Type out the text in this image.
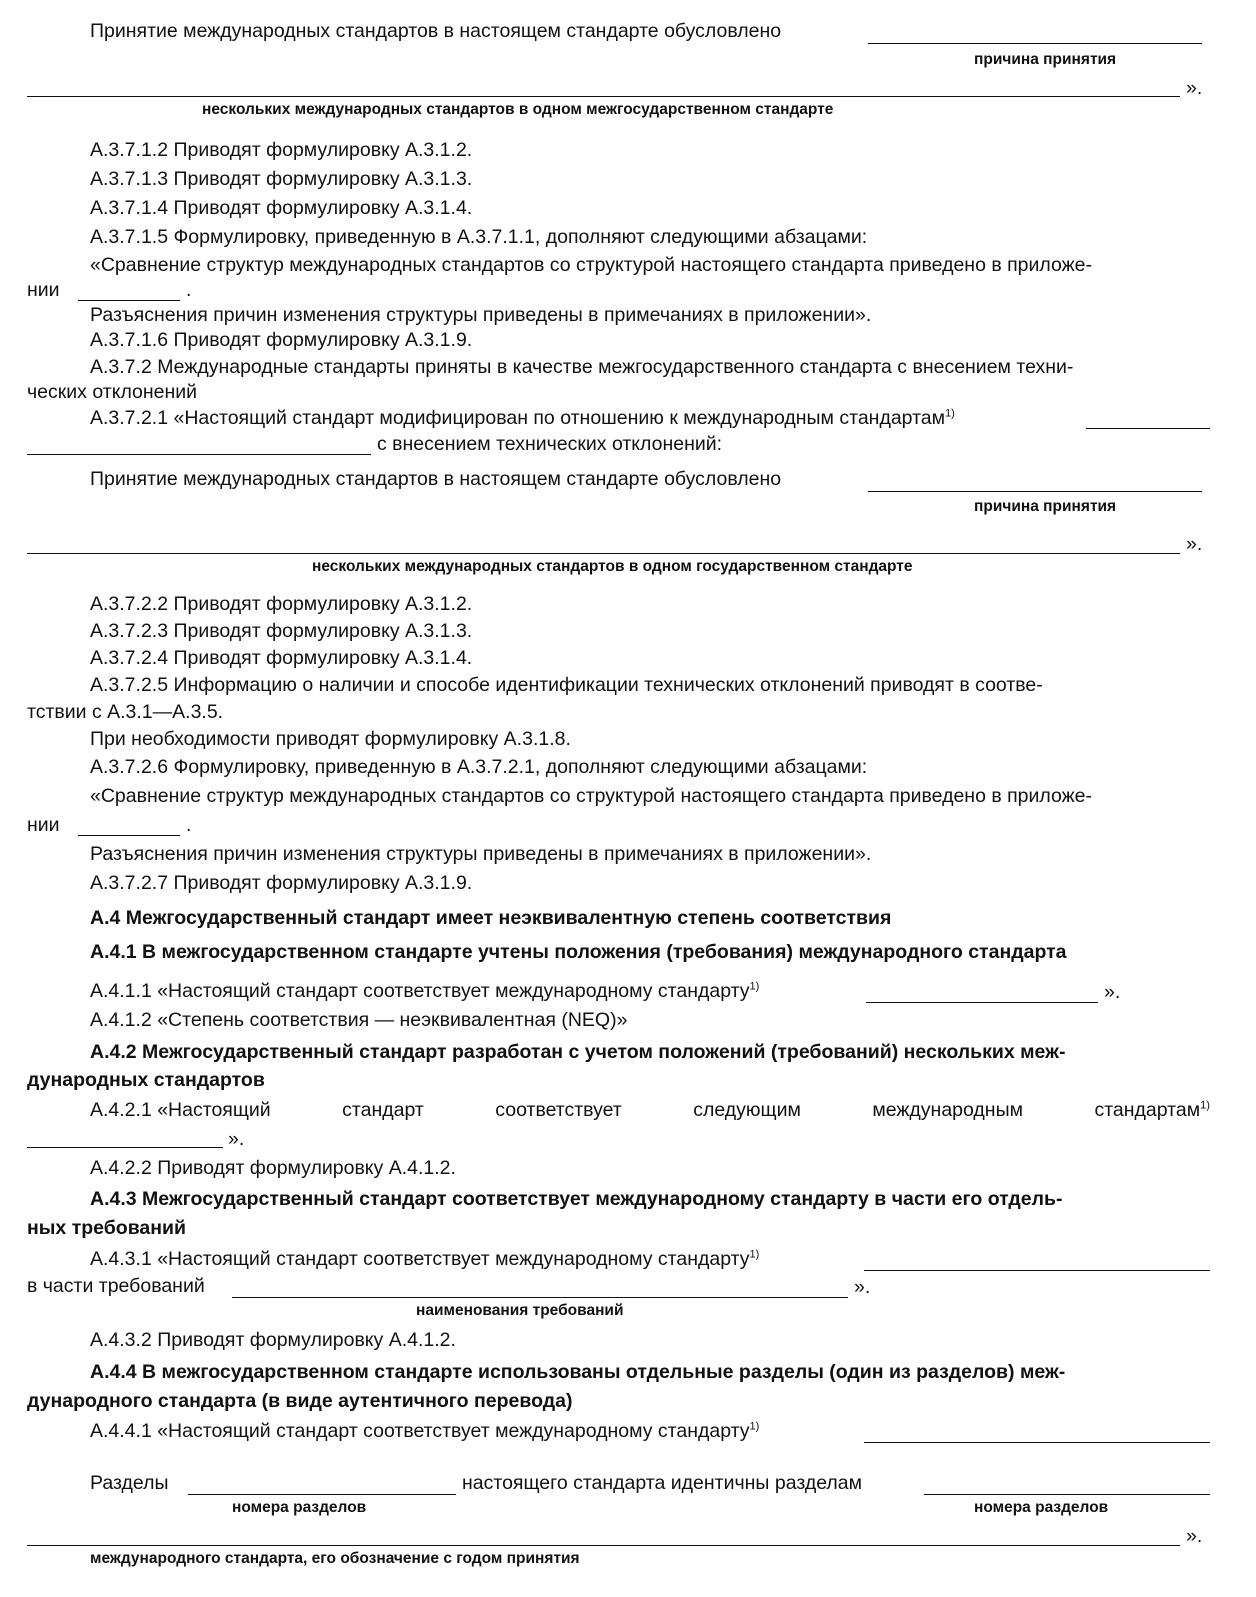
Принятие международных стандартов в настоящем стандарте обусловлено
причина принятия
».
нескольких международных стандартов в одном межгосударственном стандарте
А.3.7.1.2 Приводят формулировку А.3.1.2.
А.3.7.1.3 Приводят формулировку А.3.1.3.
А.3.7.1.4 Приводят формулировку А.3.1.4.
А.3.7.1.5 Формулировку, приведенную в А.3.7.1.1, дополняют следующими абзацами:
«Сравнение структур международных стандартов со структурой настоящего стандарта приведено в приложе-
нии	.
Разъяснения причин изменения структуры приведены в примечаниях в приложении».
А.3.7.1.6 Приводят формулировку А.3.1.9.
А.3.7.2 Международные стандарты приняты в качестве межгосударственного стандарта с внесением техни-
ческих отклонений
А.3.7.2.1 «Настоящий стандарт модифицирован по отношению к международным стандартам$^{1)}$
с внесением технических отклонений:
Принятие международных стандартов в настоящем стандарте обусловлено
причина принятия
».
нескольких международных стандартов в одном государственном стандарте
А.3.7.2.2 Приводят формулировку А.3.1.2.
А.3.7.2.3 Приводят формулировку А.3.1.3.
А.3.7.2.4 Приводят формулировку А.3.1.4.
А.3.7.2.5 Информацию о наличии и способе идентификации технических отклонений приводят в соотве-
тствии с А.3.1—А.3.5.
При необходимости приводят формулировку А.3.1.8.
А.3.7.2.6 Формулировку, приведенную в А.3.7.2.1, дополняют следующими абзацами:
«Сравнение структур международных стандартов со структурой настоящего стандарта приведено в приложе-
нии	.
Разъяснения причин изменения структуры приведены в примечаниях в приложении».
А.3.7.2.7 Приводят формулировку А.3.1.9.
А.4 Межгосударственный стандарт имеет неэквивалентную степень соответствия
А.4.1 В межгосударственном стандарте учтены положения (требования) международного стандарта
А.4.1.1 «Настоящий стандарт соответствует международному стандарту$^{1)}$	».
А.4.1.2 «Степень соответствия — неэквивалентная (NEQ)»
А.4.2 Межгосударственный стандарт разработан с учетом положений (требований) нескольких меж-
дународных стандартов
А.4.2.1 «Настоящий	стандарт	соответствует	следующим	международным	стандартам$^{1)}$
».
А.4.2.2 Приводят формулировку А.4.1.2.
А.4.3 Межгосударственный стандарт соответствует международному стандарту в части его отдель-
ных требований
А.4.3.1 «Настоящий стандарт соответствует международному стандарту$^{1)}$
в части требований	».
наименования требований
А.4.3.2 Приводят формулировку А.4.1.2.
А.4.4 В межгосударственном стандарте использованы отдельные разделы (один из разделов) меж-
дународного стандарта (в виде аутентичного перевода)
А.4.4.1 «Настоящий стандарт соответствует международному стандарту$^{1)}$
Разделы	настоящего стандарта идентичны разделам
номера разделов	номера разделов
».
международного стандарта, его обозначение с годом принятия
